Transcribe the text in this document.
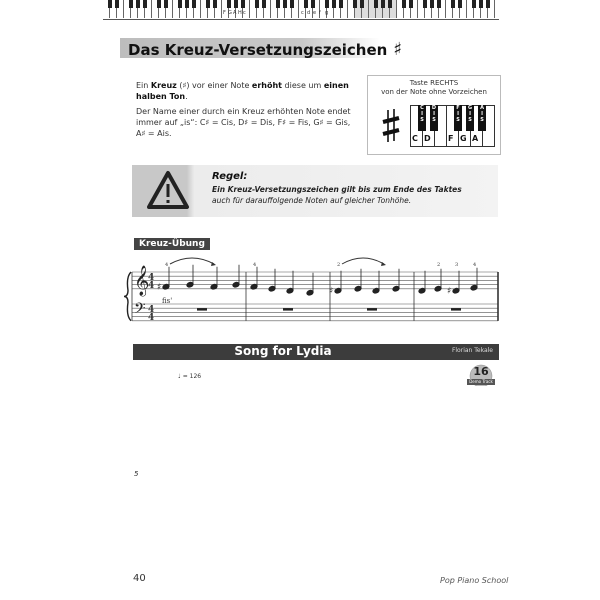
F G A H c	c d e f g
Das Kreuz-Versetzungszeichen ♯
Ein Kreuz (♯) vor einer Note erhöht diese um einen halben Ton.
Der Name einer durch ein Kreuz erhöhten Note endet immer auf „is“: C♯ = Cis, D♯ = Dis, F♯ = Fis, G♯ = Gis, A♯ = Ais.
Taste RECHTS
von der Note ohne Vorzeichen
C
I
S
D
I
S
F
I
S
G
I
S
A
I
S
C D F G A
Regel:
Ein Kreuz-Versetzungszeichen gilt bis zum Ende des Taktes
auch für darauffolgende Noten auf gleicher Tonhöhe.
Kreuz-Übung
𝄞
𝄢
4
4
4
4
♯	♯	♯
4	4	2	2	3	4
fis'
Song for Lydia	Florian Tekale
16
Demo Track
♩ = 126
5
40	Pop Piano School
